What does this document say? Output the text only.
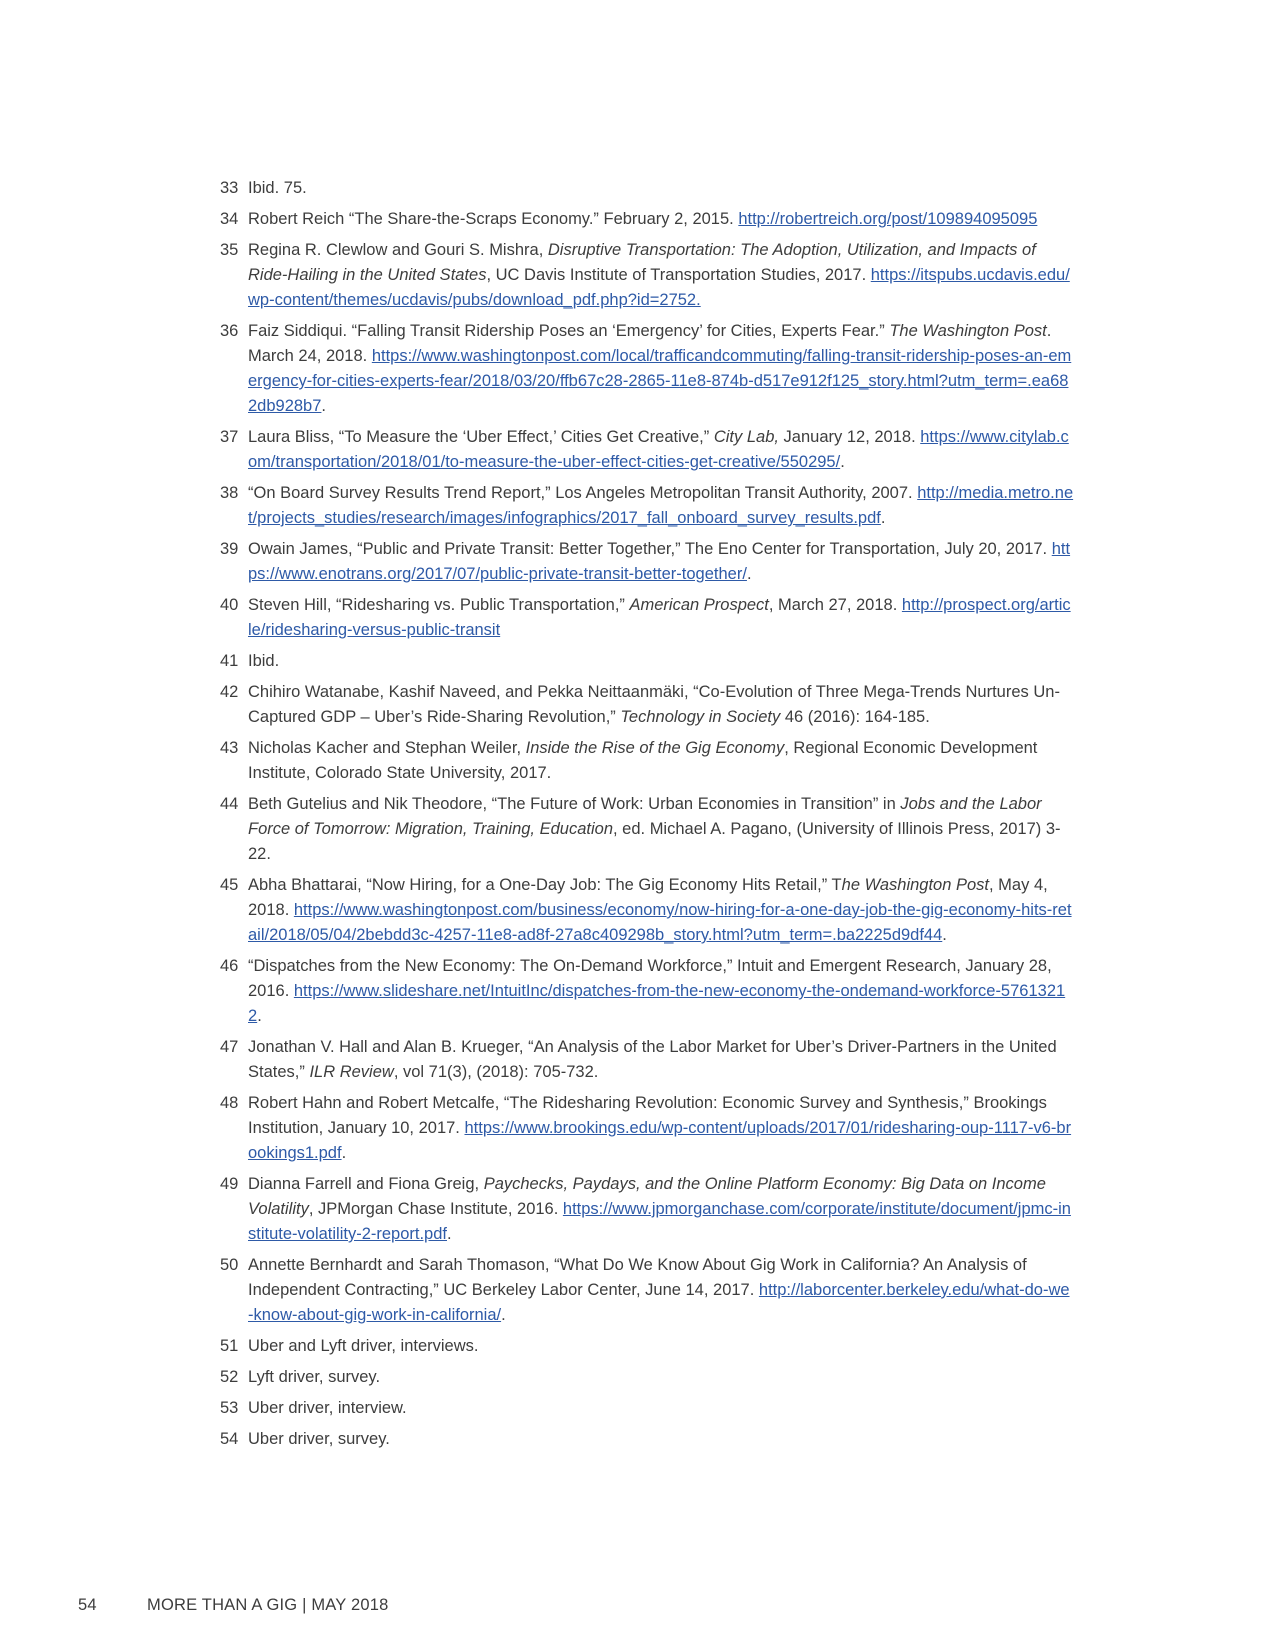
33 Ibid. 75.
34 Robert Reich “The Share-the-Scraps Economy.” February 2, 2015. http://robertreich.org/post/109894095095
35 Regina R. Clewlow and Gouri S. Mishra, Disruptive Transportation: The Adoption, Utilization, and Impacts of Ride-Hailing in the United States, UC Davis Institute of Transportation Studies, 2017. https://itspubs.ucdavis.edu/wp-content/themes/ucdavis/pubs/download_pdf.php?id=2752.
36 Faiz Siddiqui. “Falling Transit Ridership Poses an ‘Emergency’ for Cities, Experts Fear.” The Washington Post. March 24, 2018. https://www.washingtonpost.com/local/trafficandcommuting/falling-transit-ridership-poses-an-emergency-for-cities-experts-fear/2018/03/20/ffb67c28-2865-11e8-874b-d517e912f125_story.html?utm_term=.ea682db928b7.
37 Laura Bliss, “To Measure the ‘Uber Effect,’ Cities Get Creative,” City Lab, January 12, 2018. https://www.citylab.com/transportation/2018/01/to-measure-the-uber-effect-cities-get-creative/550295/.
38 “On Board Survey Results Trend Report,” Los Angeles Metropolitan Transit Authority, 2007. http://media.metro.net/projects_studies/research/images/infographics/2017_fall_onboard_survey_results.pdf.
39 Owain James, “Public and Private Transit: Better Together,” The Eno Center for Transportation, July 20, 2017. https://www.enotrans.org/2017/07/public-private-transit-better-together/.
40 Steven Hill, “Ridesharing vs. Public Transportation,” American Prospect, March 27, 2018. http://prospect.org/article/ridesharing-versus-public-transit
41 Ibid.
42 Chihiro Watanabe, Kashif Naveed, and Pekka Neittaanmäki, “Co-Evolution of Three Mega-Trends Nurtures Un-Captured GDP – Uber’s Ride-Sharing Revolution,” Technology in Society 46 (2016): 164-185.
43 Nicholas Kacher and Stephan Weiler, Inside the Rise of the Gig Economy, Regional Economic Development Institute, Colorado State University, 2017.
44 Beth Gutelius and Nik Theodore, “The Future of Work: Urban Economies in Transition” in Jobs and the Labor Force of Tomorrow: Migration, Training, Education, ed. Michael A. Pagano, (University of Illinois Press, 2017) 3-22.
45 Abha Bhattarai, “Now Hiring, for a One-Day Job: The Gig Economy Hits Retail,” The Washington Post, May 4, 2018. https://www.washingtonpost.com/business/economy/now-hiring-for-a-one-day-job-the-gig-economy-hits-retail/2018/05/04/2bebdd3c-4257-11e8-ad8f-27a8c409298b_story.html?utm_term=.ba2225d9df44.
46 “Dispatches from the New Economy: The On-Demand Workforce,” Intuit and Emergent Research, January 28, 2016. https://www.slideshare.net/IntuitInc/dispatches-from-the-new-economy-the-ondemand-workforce-57613212.
47 Jonathan V. Hall and Alan B. Krueger, “An Analysis of the Labor Market for Uber’s Driver-Partners in the United States,” ILR Review, vol 71(3), (2018): 705-732.
48 Robert Hahn and Robert Metcalfe, “The Ridesharing Revolution: Economic Survey and Synthesis,” Brookings Institution, January 10, 2017. https://www.brookings.edu/wp-content/uploads/2017/01/ridesharing-oup-1117-v6-brookings1.pdf.
49 Dianna Farrell and Fiona Greig, Paychecks, Paydays, and the Online Platform Economy: Big Data on Income Volatility, JPMorgan Chase Institute, 2016. https://www.jpmorganchase.com/corporate/institute/document/jpmc-institute-volatility-2-report.pdf.
50 Annette Bernhardt and Sarah Thomason, “What Do We Know About Gig Work in California? An Analysis of Independent Contracting,” UC Berkeley Labor Center, June 14, 2017. http://laborcenter.berkeley.edu/what-do-we-know-about-gig-work-in-california/.
51 Uber and Lyft driver, interviews.
52 Lyft driver, survey.
53 Uber driver, interview.
54 Uber driver, survey.
54	MORE THAN A GIG | MAY 2018
